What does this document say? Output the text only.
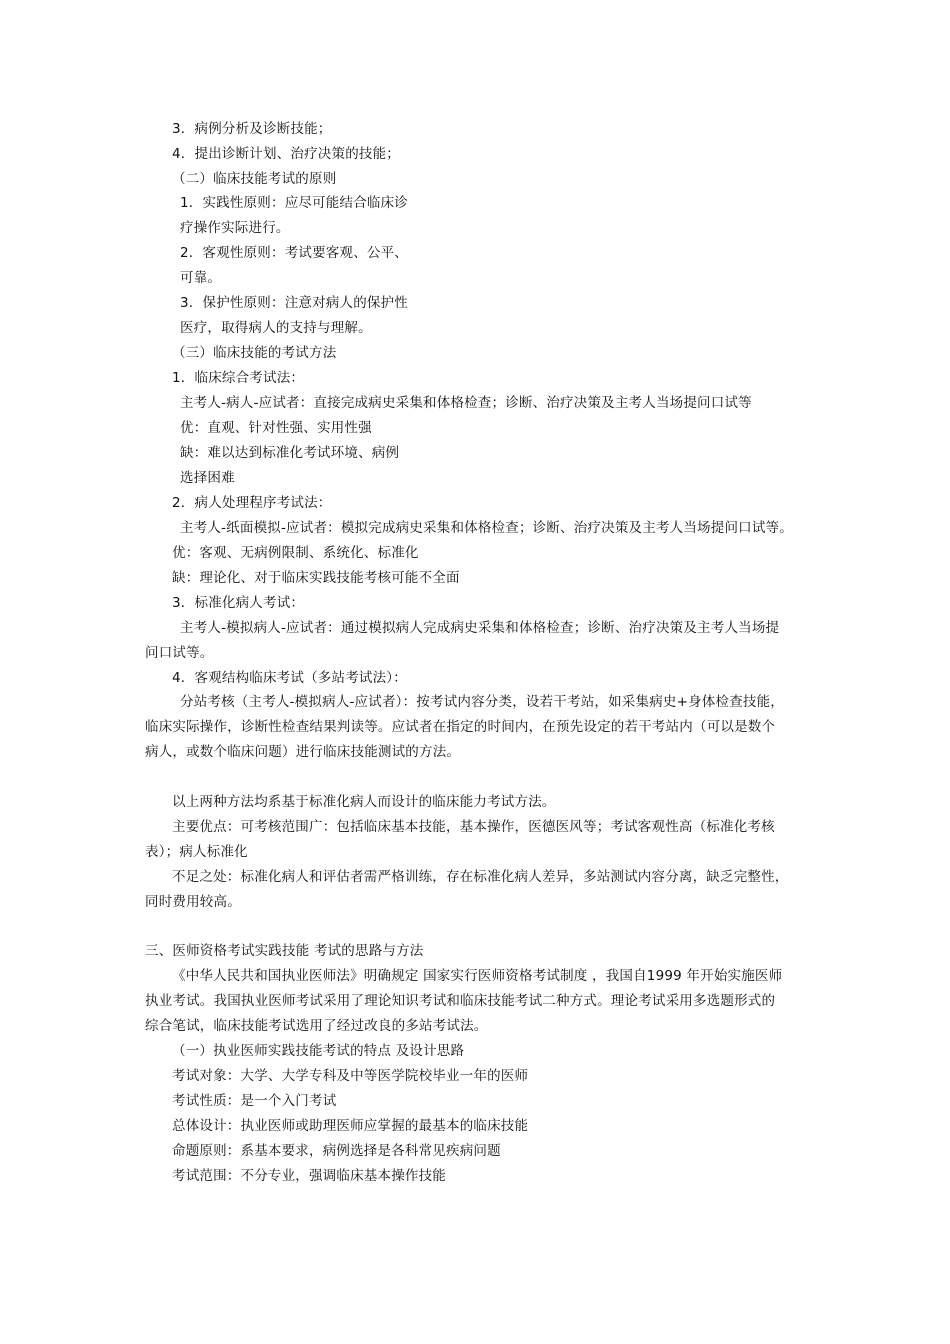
3．病例分析及诊断技能；
4．提出诊断计划、治疗决策的技能；
（二）临床技能考试的原则
1．实践性原则：应尽可能结合临床诊
疗操作实际进行。
2．客观性原则：考试要客观、公平、
可靠。
3．保护性原则：注意对病人的保护性
医疗，取得病人的支持与理解。
（三）临床技能的考试方法
1．临床综合考试法：
主考人-病人-应试者：直接完成病史采集和体格检查；诊断、治疗决策及主考人当场提问口试等
优：直观、针对性强、实用性强
缺：难以达到标准化考试环境、病例
选择困难
2．病人处理程序考试法：
主考人-纸面模拟-应试者：模拟完成病史采集和体格检查；诊断、治疗决策及主考人当场提问口试等。
优：客观、无病例限制、系统化、标准化
缺：理论化、对于临床实践技能考核可能不全面
3．标准化病人考试：
主考人-模拟病人-应试者：通过模拟病人完成病史采集和体格检查；诊断、治疗决策及主考人当场提
问口试等。
4．客观结构临床考试（多站考试法）：
分站考核（主考人-模拟病人-应试者）：按考试内容分类，设若干考站，如采集病史+身体检查技能，
临床实际操作，诊断性检查结果判读等。应试者在指定的时间内，在预先设定的若干考站内（可以是数个
病人，或数个临床问题）进行临床技能测试的方法。
以上两种方法均系基于标准化病人而设计的临床能力考试方法。
主要优点：可考核范围广：包括临床基本技能，基本操作，医德医风等；考试客观性高（标准化考核
表）；病人标准化
不足之处：标准化病人和评估者需严格训练，存在标准化病人差异，多站测试内容分离，缺乏完整性，
同时费用较高。
三、医师资格考试实践技能 考试的思路与方法
《中华人民共和国执业医师法》明确规定 国家实行医师资格考试制度 ，我国自1999 年开始实施医师
执业考试。我国执业医师考试采用了理论知识考试和临床技能考试二种方式。理论考试采用多选题形式的
综合笔试，临床技能考试选用了经过改良的多站考试法。
（一）执业医师实践技能考试的特点 及设计思路
考试对象：大学、大学专科及中等医学院校毕业一年的医师
考试性质：是一个入门考试
总体设计：执业医师或助理医师应掌握的最基本的临床技能
命题原则：系基本要求，病例选择是各科常见疾病问题
考试范围：不分专业，强调临床基本操作技能
